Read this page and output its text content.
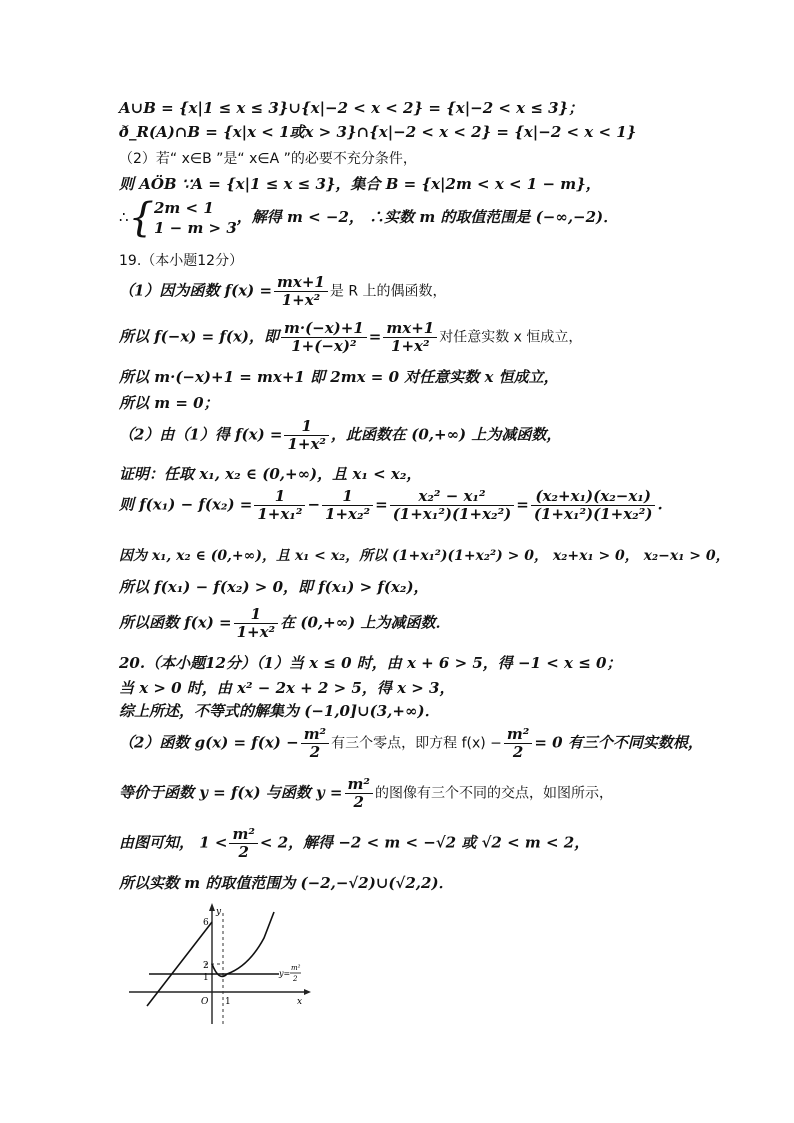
A∪B = {x|1 ≤ x ≤ 3}∪{x|−2 < x < 2} = {x|−2 < x ≤ 3}；
ð_R(A)∩B = {x|x < 1或x > 3}∩{x|−2 < x < 2} = {x|−2 < x < 1}
（2）若“ x∈B ”是“ x∈A ”的必要不充分条件，
则 AÖB ∵A = {x|1 ≤ x ≤ 3}，集合 B = {x|2m < x < 1 − m}，
∴{2m < 1
1 − m > 3，解得 m < −2， ∴实数 m 的取值范围是 (−∞,−2)．
19.（本小题12分）
（1）因为函数 $f(x) = \frac{mx+1}{\text{1+x²}}$ 是 R 上的偶函数，
所以 f(−x) = f(x)，即 $\frac{m\cdot(-x)+1}{\text{1+(−x)²}} = \frac{mx+1}{\text{1+x²}}$ 对任意实数 x 恒成立，
所以 m·(−x)+1 = mx+1 即 2mx = 0 对任意实数 x 恒成立，
所以 m = 0；
（2）由（1）得 $f(x) = \frac{1}{\text{1+x²}}$ ，此函数在 (0,+∞) 上为减函数，
证明：任取 x₁, x₂ ∈ (0,+∞)，且 x₁ < x₂，
则 $f(x_1) - f(x_2) = \frac{1}{\text{1+x₁²}} - \frac{1}{\text{1+x₂²}} = \frac{\text{x₂² − x₁²}}{\text{(1+x₁²)(1+x₂²)}} = \frac{\text{(x₂+x₁)(x₂−x₁)}}{\text{(1+x₁²)(1+x₂²)}}$ .
因为 x₁, x₂ ∈ (0,+∞)，且 x₁ < x₂，所以 (1+x₁²)(1+x₂²) > 0， x₂+x₁ > 0， x₂−x₁ > 0，
所以 f(x₁) − f(x₂) > 0，即 f(x₁) > f(x₂)，
所以函数 $f(x) = \frac{1}{\text{1+x²}}$ 在 (0,+∞) 上为减函数．
20.（本小题12分）（1）当 x ≤ 0 时，由 x + 6 > 5，得 −1 < x ≤ 0；
当 x > 0 时，由 x² − 2x + 2 > 5，得 x > 3，
综上所述，不等式的解集为 (−1,0]∪(3,+∞)．
（2）函数 $g(x) = f(x) - \frac{\text{m²}}{2}$ 有三个零点，即方程 $f(x) - \frac{\text{m²}}{2} = 0$ 有三个不同实数根，
等价于函数 y = f(x) 与函数 $y = \frac{\text{m²}}{2}$ 的图像有三个不同的交点，如图所示，
由图可知， $1 < \frac{\text{m²}}{2} < 2$，解得 −2 < m < −√2 或 √2 < m < 2，
所以实数 m 的取值范围为 (−2,−√2)∪(√2,2)．
y
x
O
6
2
1
1
y=
m²
2
